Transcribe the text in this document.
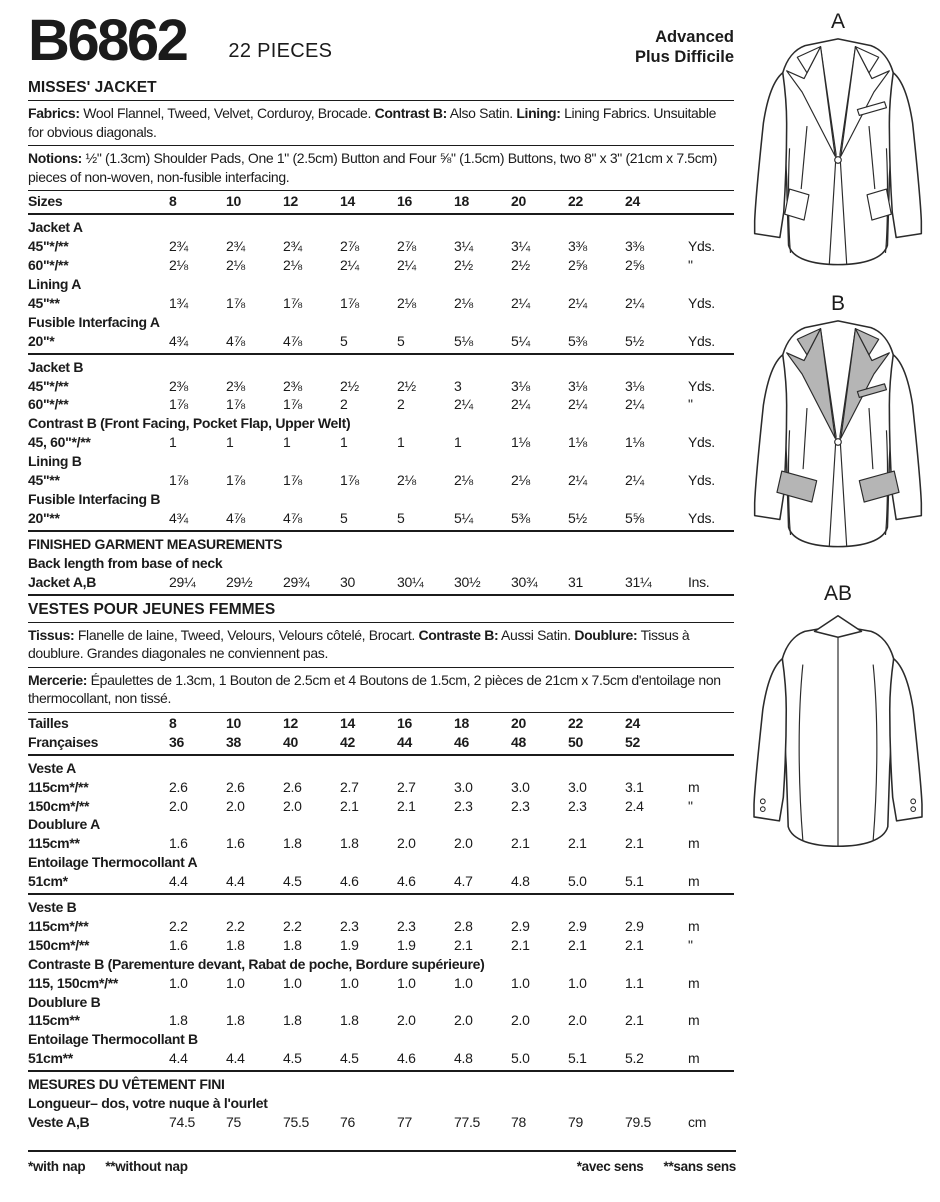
B6862 22 PIECES
Advanced
Plus Difficile
MISSES' JACKET

Fabrics: Wool Flannel, Tweed, Velvet, Corduroy, Brocade. Contrast B: Also Satin. Lining: Lining Fabrics. Unsuitable for obvious diagonals.

Notions: ½" (1.3cm) Shoulder Pads, One 1" (2.5cm) Button and Four ⅝" (1.5cm) Buttons, two 8" x 3" (21cm x 7.5cm) pieces of non-woven, non-fusible interfacing.

Sizes	8	10	12	14	16	18	20	22	24
Jacket A
45"*/**	2¾	2¾	2¾	2⅞	2⅞	3¼	3¼	3⅜	3⅜	Yds.
60"*/**	2⅛	2⅛	2⅛	2¼	2¼	2½	2½	2⅝	2⅝	"
Lining A
45"**	1¾	1⅞	1⅞	1⅞	2⅛	2⅛	2¼	2¼	2¼	Yds.
Fusible Interfacing A
20"*	4¾	4⅞	4⅞	5	5	5⅛	5¼	5⅜	5½	Yds.
Jacket B
45"*/**	2⅜	2⅜	2⅜	2½	2½	3	3⅛	3⅛	3⅛	Yds.
60"*/**	1⅞	1⅞	1⅞	2	2	2¼	2¼	2¼	2¼	"
Contrast B (Front Facing, Pocket Flap, Upper Welt)
45, 60"*/**	1	1	1	1	1	1	1⅛	1⅛	1⅛	Yds.
Lining B
45"**	1⅞	1⅞	1⅞	1⅞	2⅛	2⅛	2⅛	2¼	2¼	Yds.
Fusible Interfacing B
20"**	4¾	4⅞	4⅞	5	5	5¼	5⅜	5½	5⅝	Yds.
FINISHED GARMENT MEASUREMENTS
Back length from base of neck
Jacket A,B	29¼	29½	29¾	30	30¼	30½	30¾	31	31¼	Ins.
VESTES POUR JEUNES FEMMES

Tissus: Flanelle de laine, Tweed, Velours, Velours côtelé, Brocart. Contraste B: Aussi Satin. Doublure: Tissus à doublure. Grandes diagonales ne conviennent pas.

Mercerie: Épaulettes de 1.3cm, 1 Bouton de 2.5cm et 4 Boutons de 1.5cm, 2 pièces de 21cm x 7.5cm d'entoilage non thermocollant, non tissé.

Tailles	8	10	12	14	16	18	20	22	24
Françaises	36	38	40	42	44	46	48	50	52
Veste A
115cm*/**	2.6	2.6	2.6	2.7	2.7	3.0	3.0	3.0	3.1	m
150cm*/**	2.0	2.0	2.0	2.1	2.1	2.3	2.3	2.3	2.4	"
Doublure A
115cm**	1.6	1.6	1.8	1.8	2.0	2.0	2.1	2.1	2.1	m
Entoilage Thermocollant A
51cm*	4.4	4.4	4.5	4.6	4.6	4.7	4.8	5.0	5.1	m
Veste B
115cm*/**	2.2	2.2	2.2	2.3	2.3	2.8	2.9	2.9	2.9	m
150cm*/**	1.6	1.8	1.8	1.9	1.9	2.1	2.1	2.1	2.1	"
Contraste B (Parementure devant, Rabat de poche, Bordure supérieure)
115, 150cm*/**	1.0	1.0	1.0	1.0	1.0	1.0	1.0	1.0	1.1	m
Doublure B
115cm**	1.8	1.8	1.8	1.8	2.0	2.0	2.0	2.0	2.1	m
Entoilage Thermocollant B
51cm**	4.4	4.4	4.5	4.5	4.6	4.8	5.0	5.1	5.2	m
MESURES DU VÊTEMENT FINI
Longueur– dos, votre nuque à l'ourlet
Veste A,B	74.5	75	75.5	76	77	77.5	78	79	79.5	cm
A
B
AB
*with nap **without nap	*avec sens **sans sens
